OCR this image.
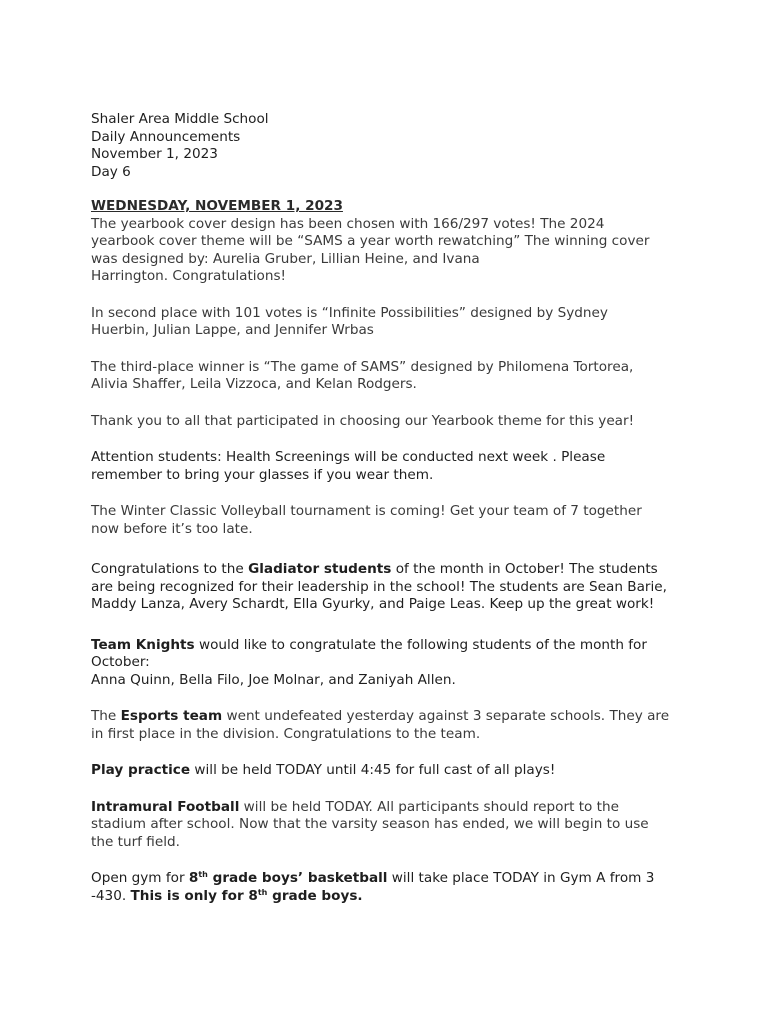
Shaler Area Middle School
Daily Announcements
November 1, 2023
Day 6
WEDNESDAY, NOVEMBER 1, 2023
The yearbook cover design has been chosen with 166/297 votes! The 2024
yearbook cover theme will be “SAMS a year worth rewatching” The winning cover
was designed by: Aurelia Gruber, Lillian Heine, and Ivana
Harrington. Congratulations!
In second place with 101 votes is “Infinite Possibilities” designed by Sydney
Huerbin, Julian Lappe, and Jennifer Wrbas
The third-place winner is “The game of SAMS” designed by Philomena Tortorea,
Alivia Shaffer, Leila Vizzoca, and Kelan Rodgers.
Thank you to all that participated in choosing our Yearbook theme for this year!
Attention students: Health Screenings will be conducted next week . Please
remember to bring your glasses if you wear them.
The Winter Classic Volleyball tournament is coming! Get your team of 7 together
now before it’s too late.
Congratulations to the Gladiator students of the month in October! The students
are being recognized for their leadership in the school! The students are Sean Barie,
Maddy Lanza, Avery Schardt, Ella Gyurky, and Paige Leas. Keep up the great work!
Team Knights would like to congratulate the following students of the month for
October:
Anna Quinn, Bella Filo, Joe Molnar, and Zaniyah Allen.
The Esports team went undefeated yesterday against 3 separate schools. They are
in first place in the division. Congratulations to the team.
Play practice will be held TODAY until 4:45 for full cast of all plays!
Intramural Football will be held TODAY. All participants should report to the
stadium after school. Now that the varsity season has ended, we will begin to use
the turf field.
Open gym for 8th grade boys’ basketball will take place TODAY in Gym A from 3
-430. This is only for 8th grade boys.
